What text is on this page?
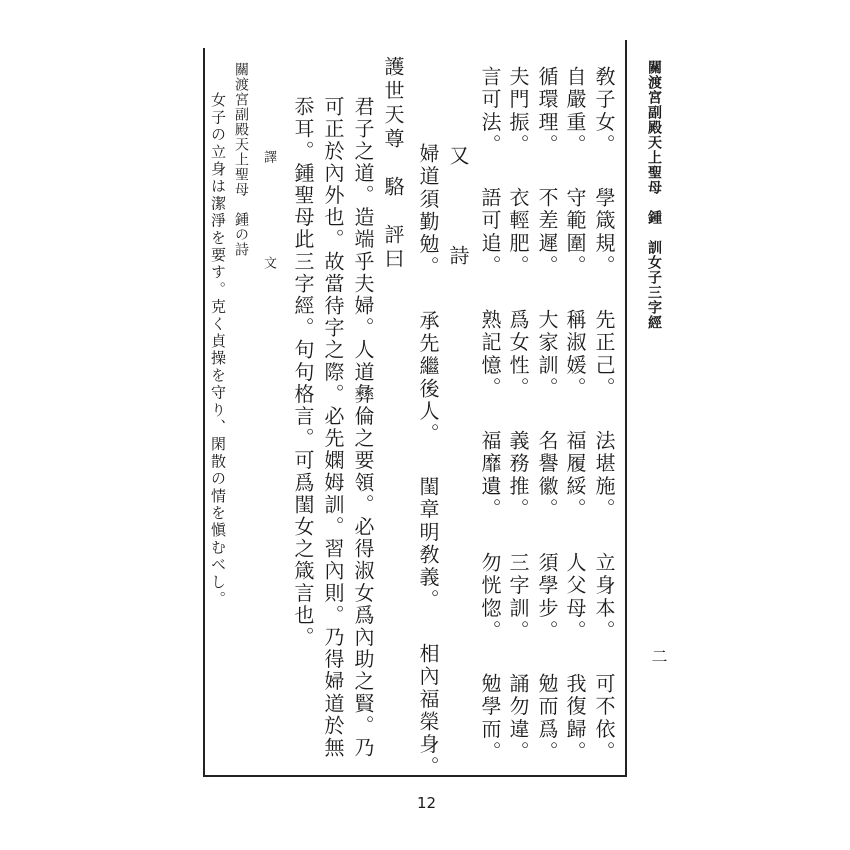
關渡宮副殿天上聖母　鍾　訓女子三字經
二
敎子女。 學箴規。 先正己。 法堪施。 立身本。 可不依。
自嚴重。 守範圍。 稱淑媛。 福履綏。 人父母。 我復歸。
循環理。 不差遲。 大家訓。 名譽徽。 須學步。 勉而爲。
夫門振。 衣輕肥。 爲女性。 義務推。 三字訓。 誦勿違。
言可法。 語可追。 熟記憶。 福靡遺。 勿恍惚。 勉學而。
又　詩
婦道須勤勉。 承先繼後人。 閨章明敎義。 相內福榮身。
護世天尊　駱　評曰
君子之道。造端乎夫婦。人道彝倫之要領。必得淑女爲內助之賢。乃
可正於內外也。故當待字之際。必先嫻姆訓。習內則。乃得婦道於無
忝耳。鍾聖母此三字經。句句格言。可爲閨女之箴言也。
譯　文
關渡宮副殿天上聖母　鍾の詩
女子の立身は潔淨を要す。克く貞操を守り、閑散の情を愼むべし。
12
